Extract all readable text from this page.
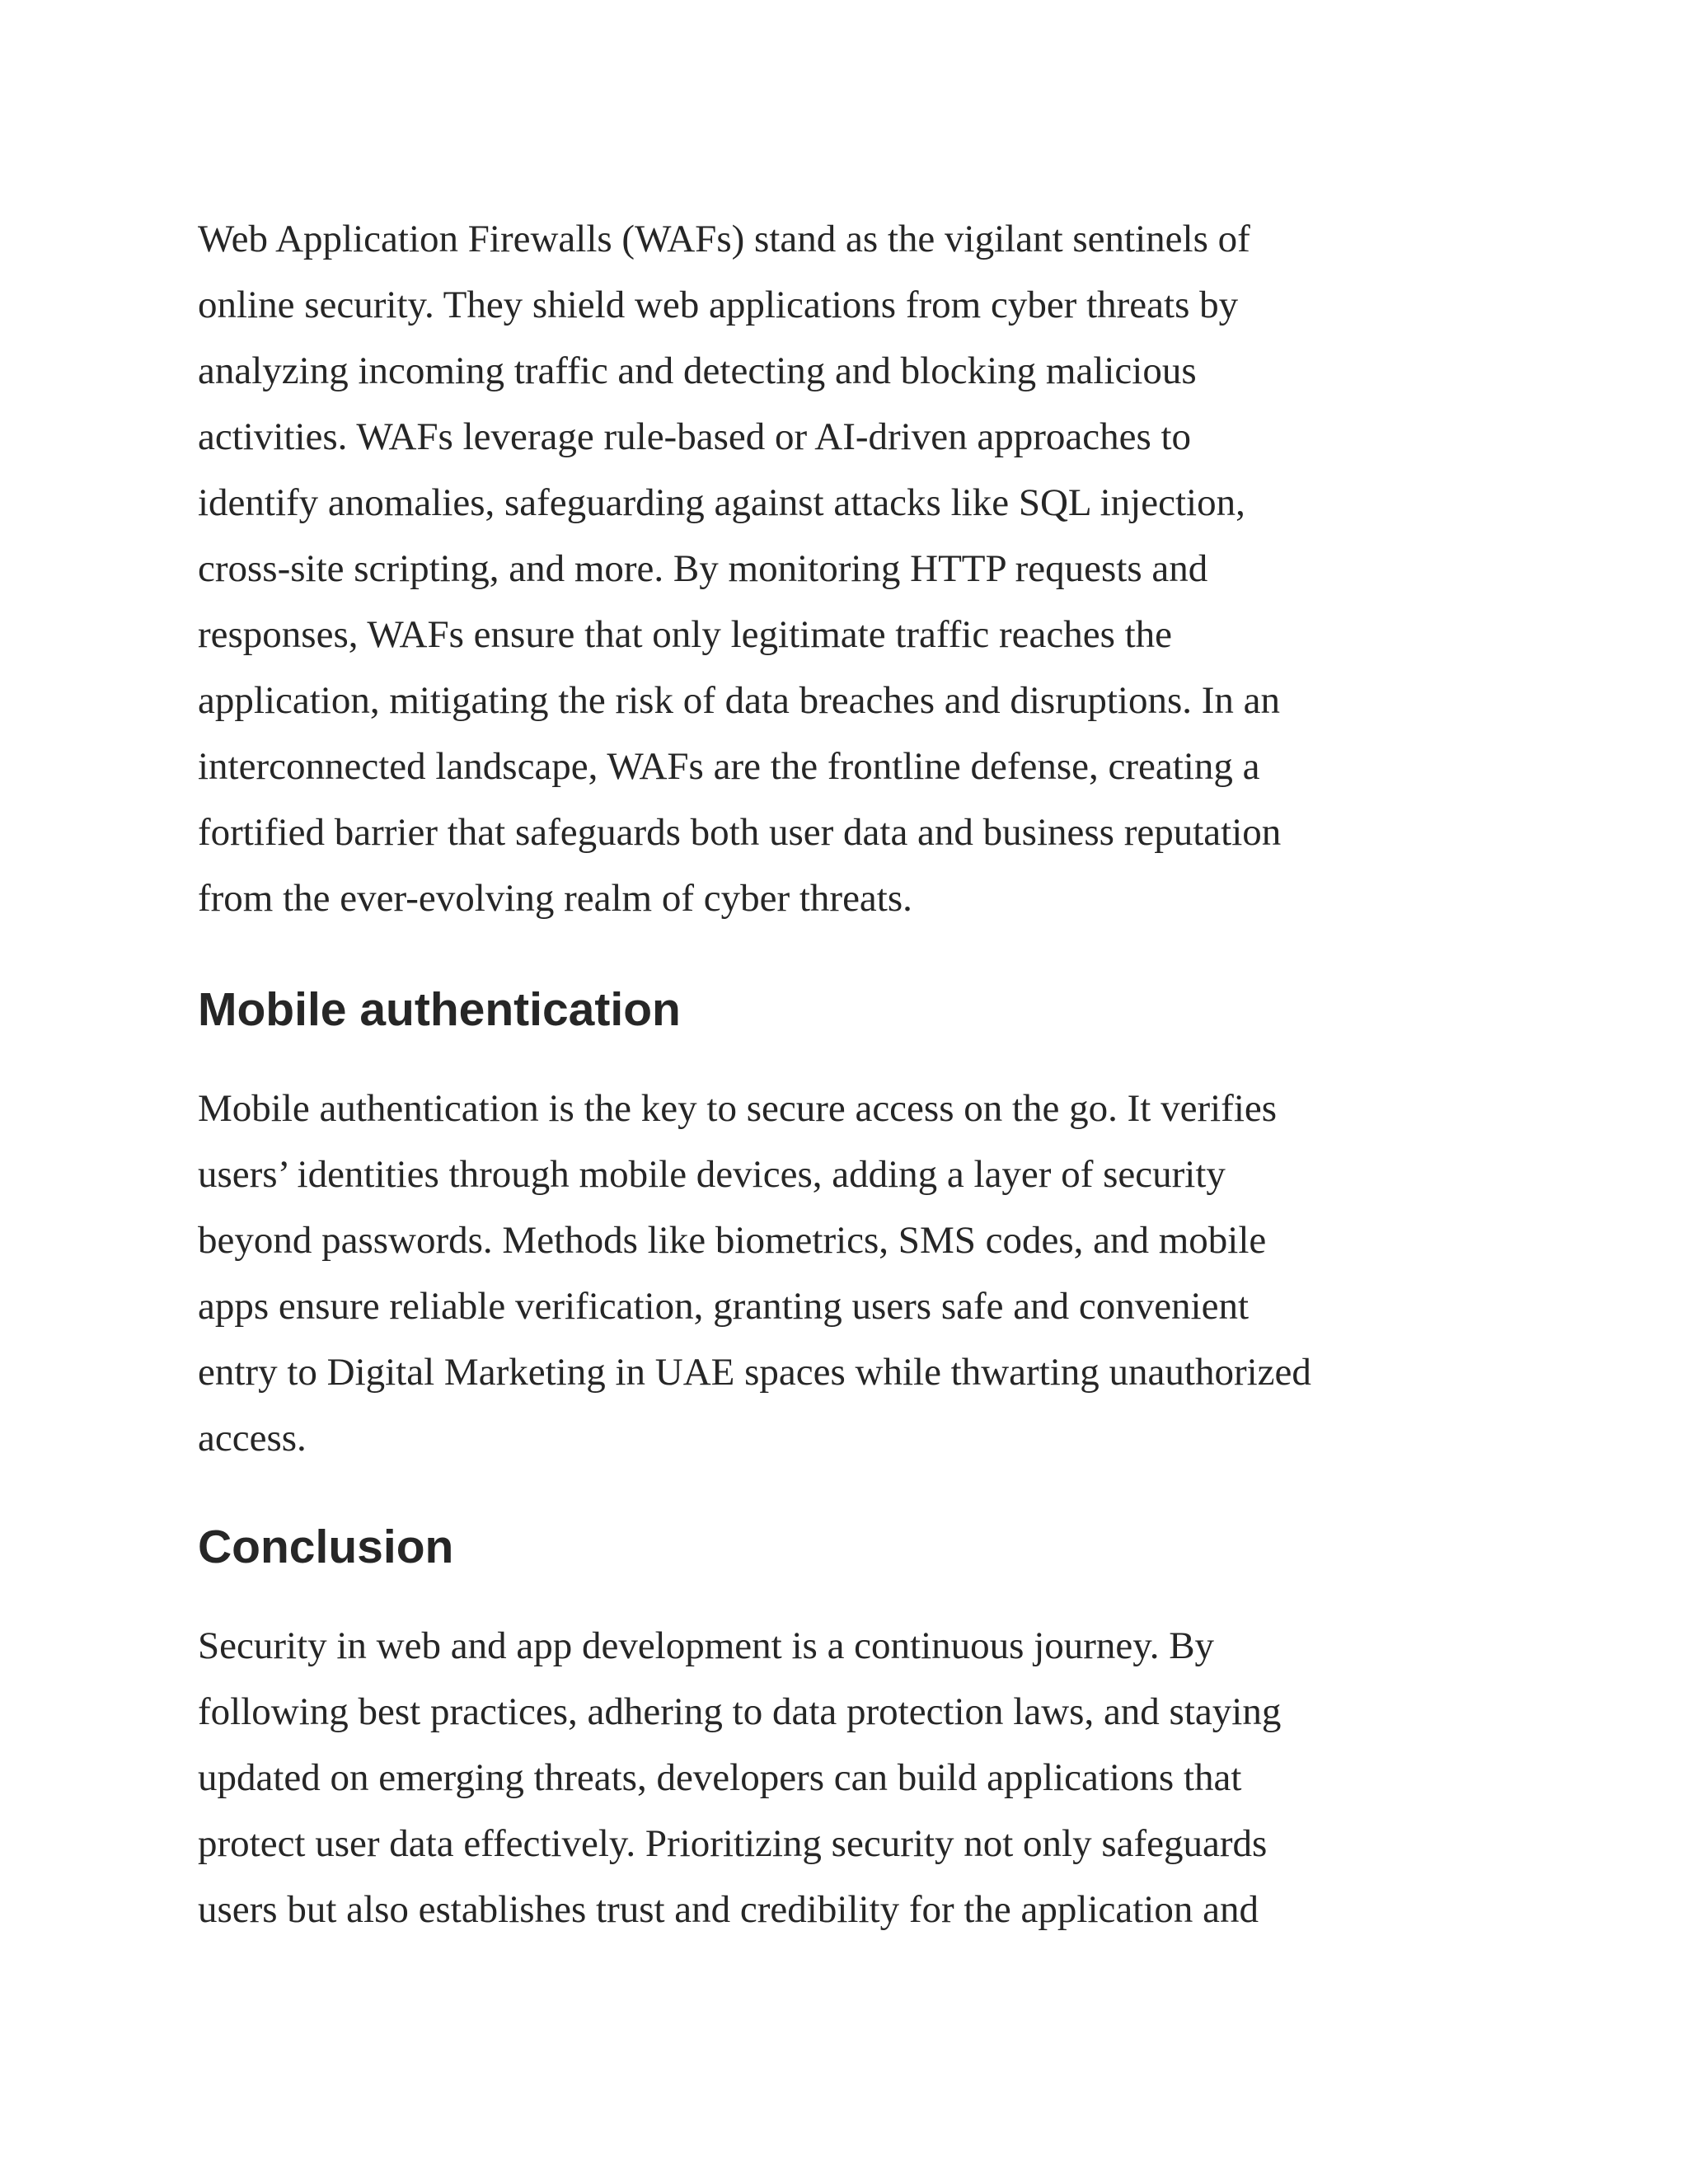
Web Application Firewalls (WAFs) stand as the vigilant sentinels of
online security. They shield web applications from cyber threats by
analyzing incoming traffic and detecting and blocking malicious
activities. WAFs leverage rule-based or AI-driven approaches to
identify anomalies, safeguarding against attacks like SQL injection,
cross-site scripting, and more. By monitoring HTTP requests and
responses, WAFs ensure that only legitimate traffic reaches the
application, mitigating the risk of data breaches and disruptions. In an
interconnected landscape, WAFs are the frontline defense, creating a
fortified barrier that safeguards both user data and business reputation
from the ever-evolving realm of cyber threats.

Mobile authentication

Mobile authentication is the key to secure access on the go. It verifies
users’ identities through mobile devices, adding a layer of security
beyond passwords. Methods like biometrics, SMS codes, and mobile
apps ensure reliable verification, granting users safe and convenient
entry to Digital Marketing in UAE spaces while thwarting unauthorized
access.

Conclusion

Security in web and app development is a continuous journey. By
following best practices, adhering to data protection laws, and staying
updated on emerging threats, developers can build applications that
protect user data effectively. Prioritizing security not only safeguards
users but also establishes trust and credibility for the application and
